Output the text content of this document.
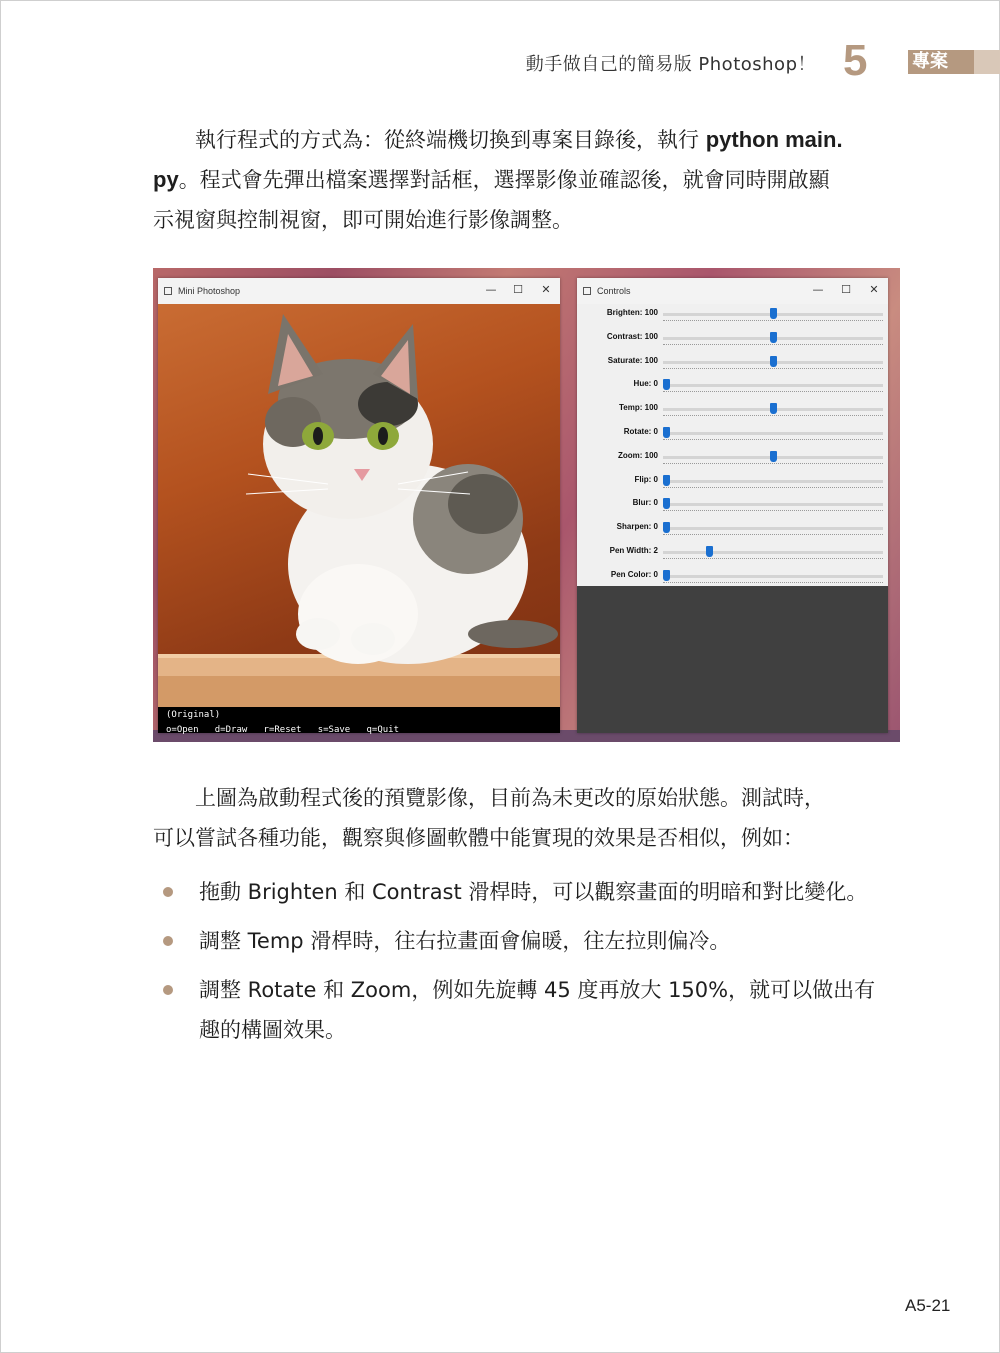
動手做自己的簡易版 Photoshop！ 5 專案

執行程式的方式為：從終端機切換到專案目錄後，執行 python main.
py。程式會先彈出檔案選擇對話框，選擇影像並確認後，就會同時開啟顯
示視窗與控制視窗，即可開始進行影像調整。

Mini Photoshop	— ☐ ✕
(Original)
o=Open   d=Draw   r=Reset   s=Save   q=Quit
Controls	— ☐ ✕
Brighten: 100
Contrast: 100
Saturate: 100
Hue: 0
Temp: 100
Rotate: 0
Zoom: 100
Flip: 0
Blur: 0
Sharpen: 0
Pen Width: 2
Pen Color: 0

上圖為啟動程式後的預覽影像，目前為未更改的原始狀態。測試時，
可以嘗試各種功能，觀察與修圖軟體中能實現的效果是否相似，例如：

拖動 Brighten 和 Contrast 滑桿時，可以觀察畫面的明暗和對比變化。

調整 Temp 滑桿時，往右拉畫面會偏暖，往左拉則偏冷。

調整 Rotate 和 Zoom，例如先旋轉 45 度再放大 150%，就可以做出有
趣的構圖效果。

A5-21
